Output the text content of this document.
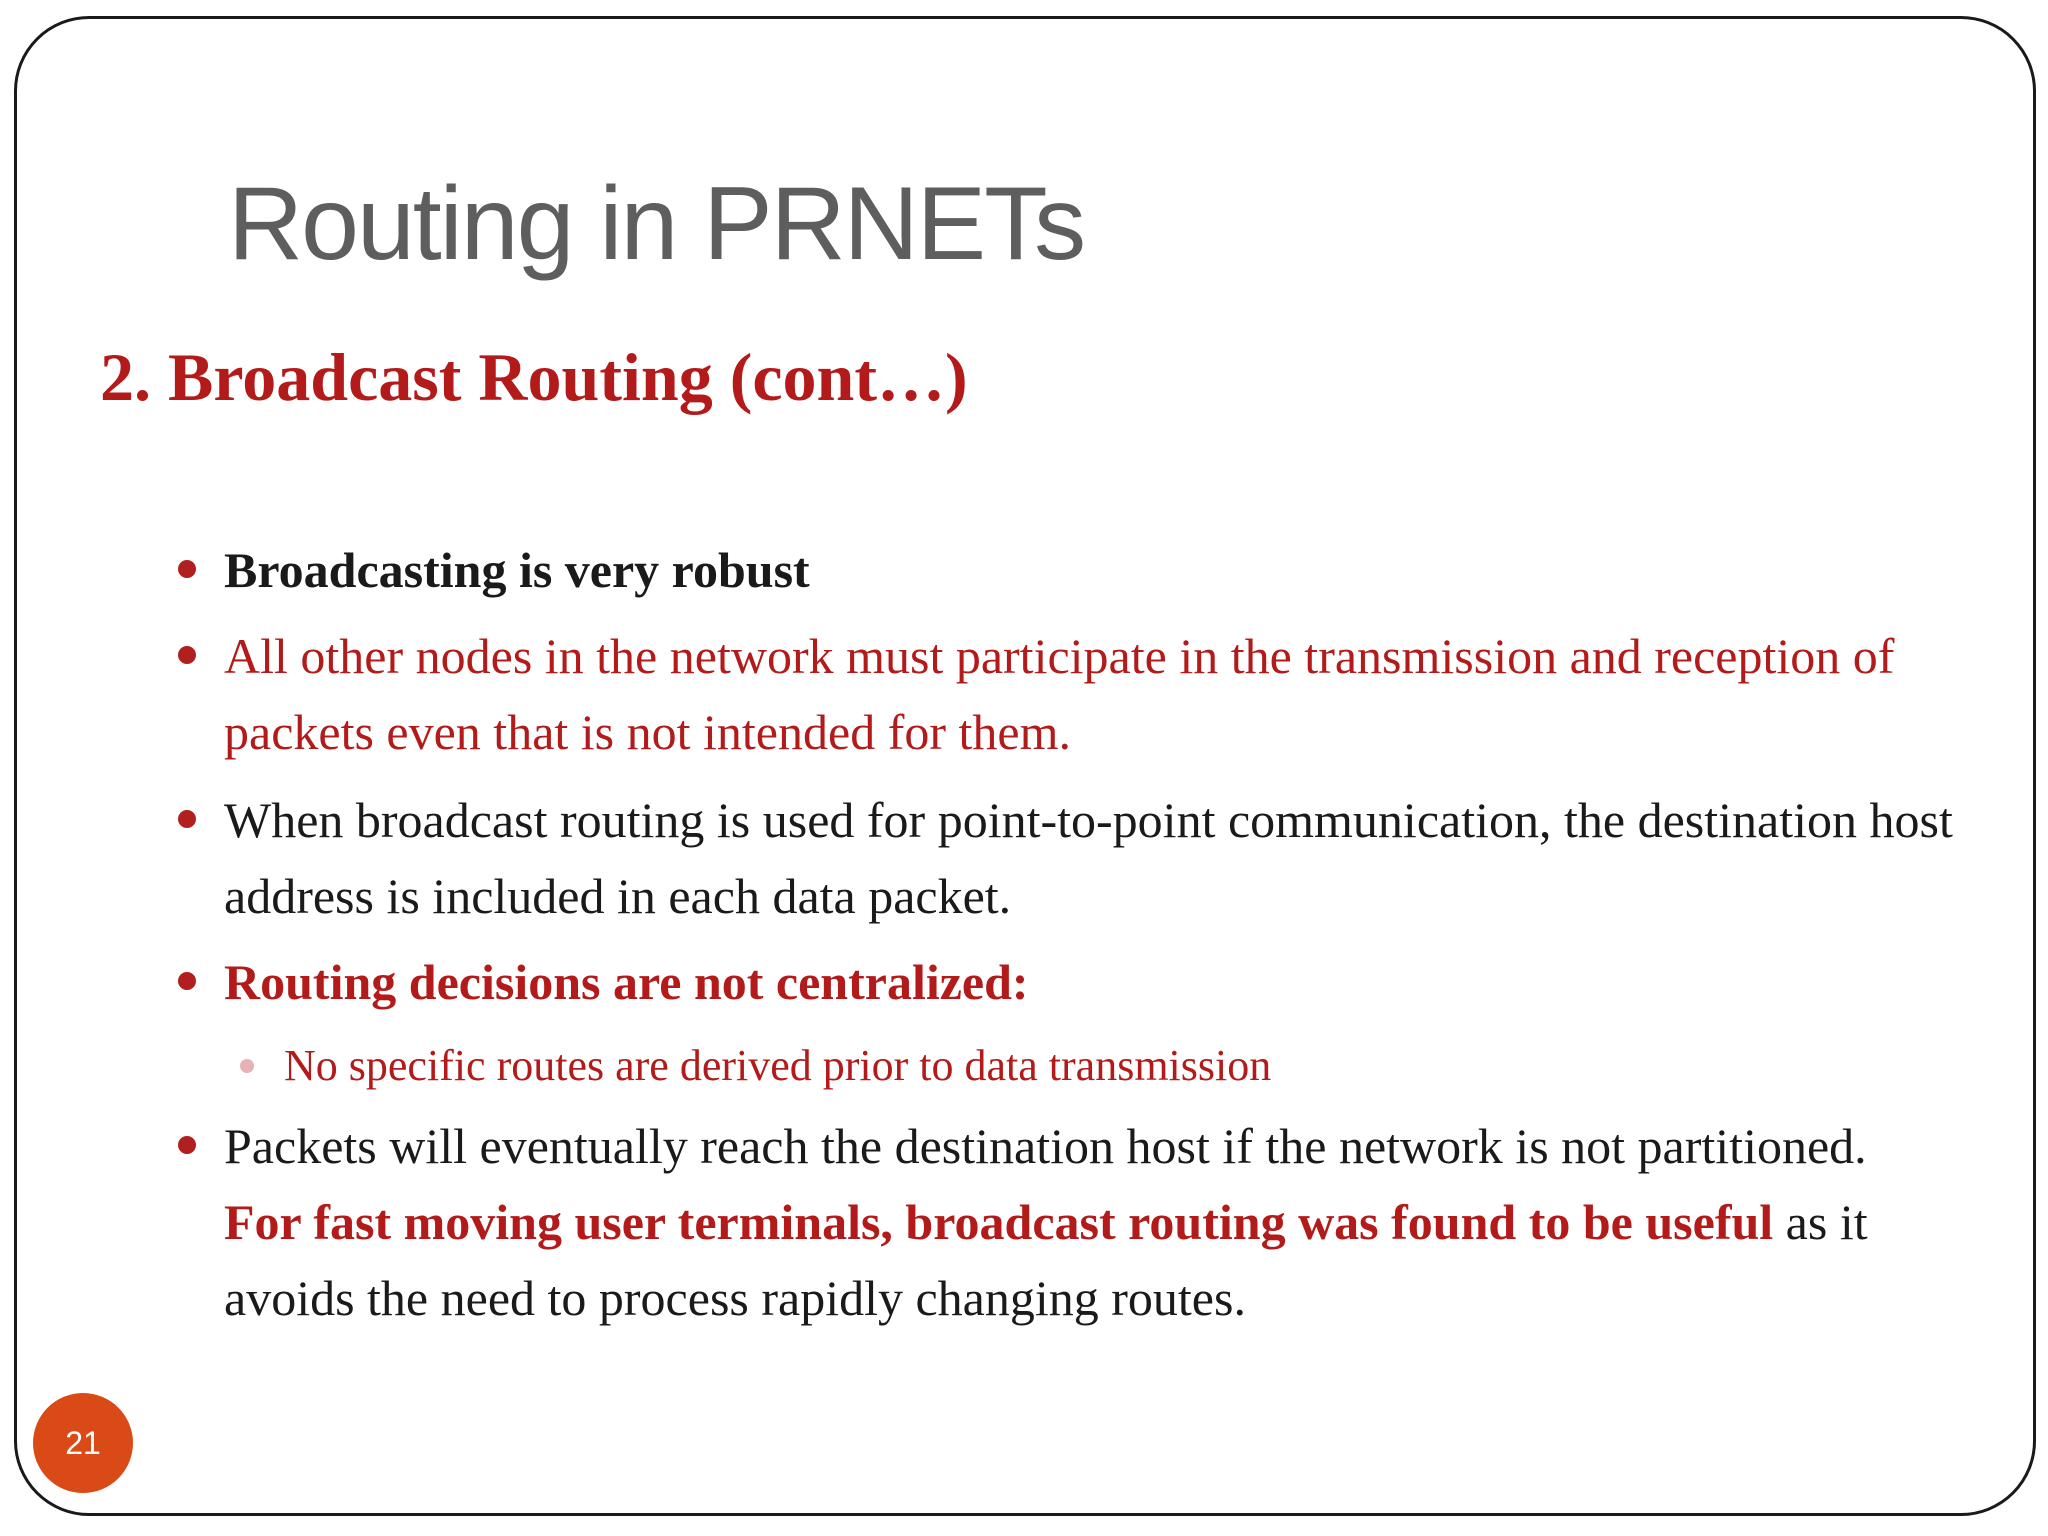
Routing in PRNETs
2. Broadcast Routing (cont…)
Broadcasting is very robust
All other nodes in the network must participate in the transmission and reception of packets even that is not intended for them.
When broadcast routing is used for point-to-point communication, the destination host address is included in each data packet.
Routing decisions are not centralized:
No specific routes are derived prior to data transmission
Packets will eventually reach the destination host if the network is not partitioned. For fast moving user terminals, broadcast routing was found to be useful as it avoids the need to process rapidly changing routes.
21
